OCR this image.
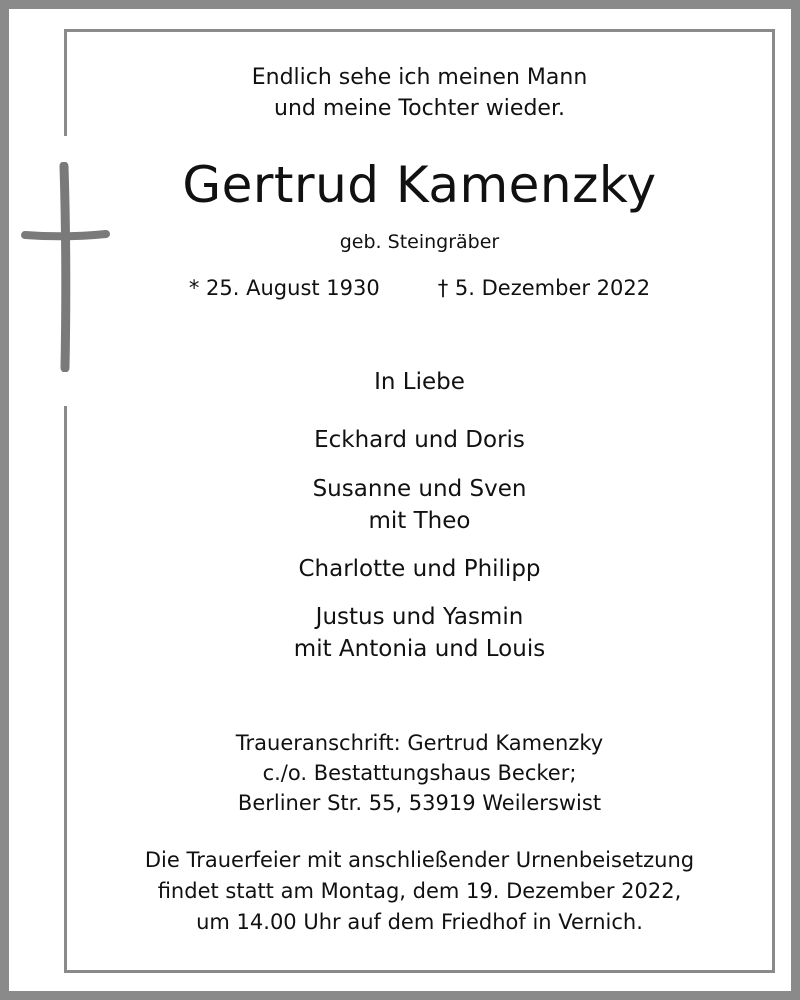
Endlich sehe ich meinen Mann
und meine Tochter wieder.
Gertrud Kamenzky
geb. Steingräber
* 25. August 1930	† 5. Dezember 2022
In Liebe
Eckhard und Doris
Susanne und Sven
mit Theo
Charlotte und Philipp
Justus und Yasmin
mit Antonia und Louis
Traueranschrift: Gertrud Kamenzky
c./o. Bestattungshaus Becker;
Berliner Str. 55, 53919 Weilerswist
Die Trauerfeier mit anschließender Urnenbeisetzung
findet statt am Montag, dem 19. Dezember 2022,
um 14.00 Uhr auf dem Friedhof in Vernich.
